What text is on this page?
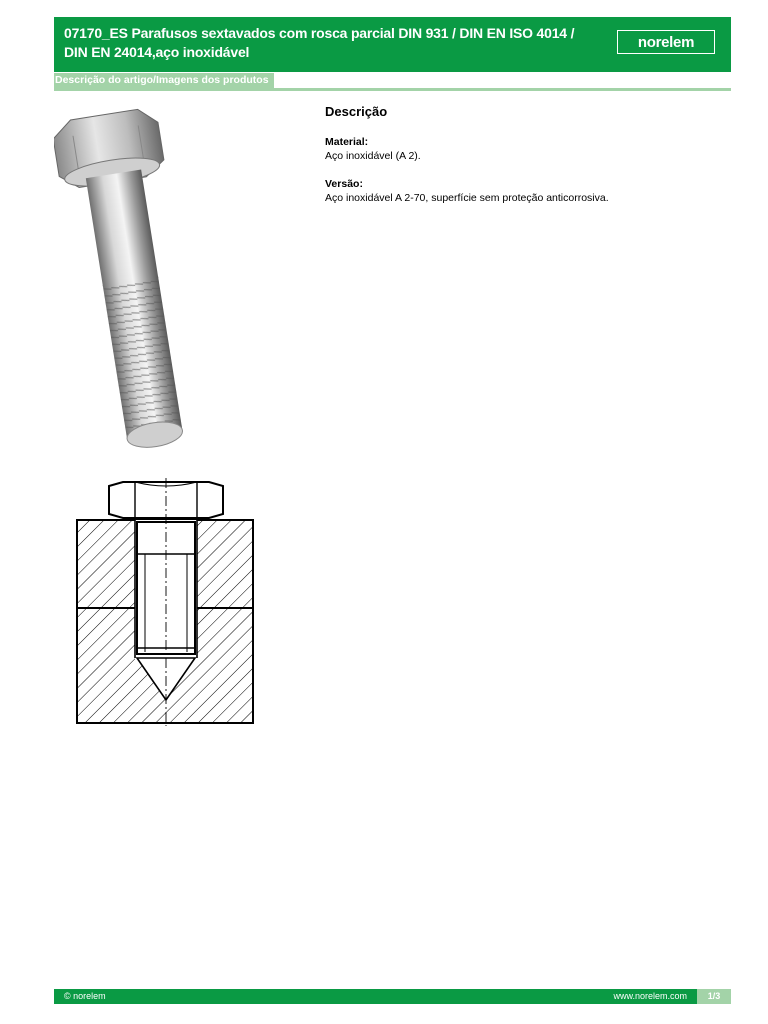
07170_ES Parafusos sextavados com rosca parcial DIN 931 / DIN EN ISO 4014 /
DIN EN 24014,aço inoxidável
norelem
Descrição do artigo/Imagens dos produtos
Descrição
Material:
Aço inoxidável (A 2).
Versão:
Aço inoxidável A 2-70, superfície sem proteção anticorrosiva.
© norelem	www.norelem.com	1/3
